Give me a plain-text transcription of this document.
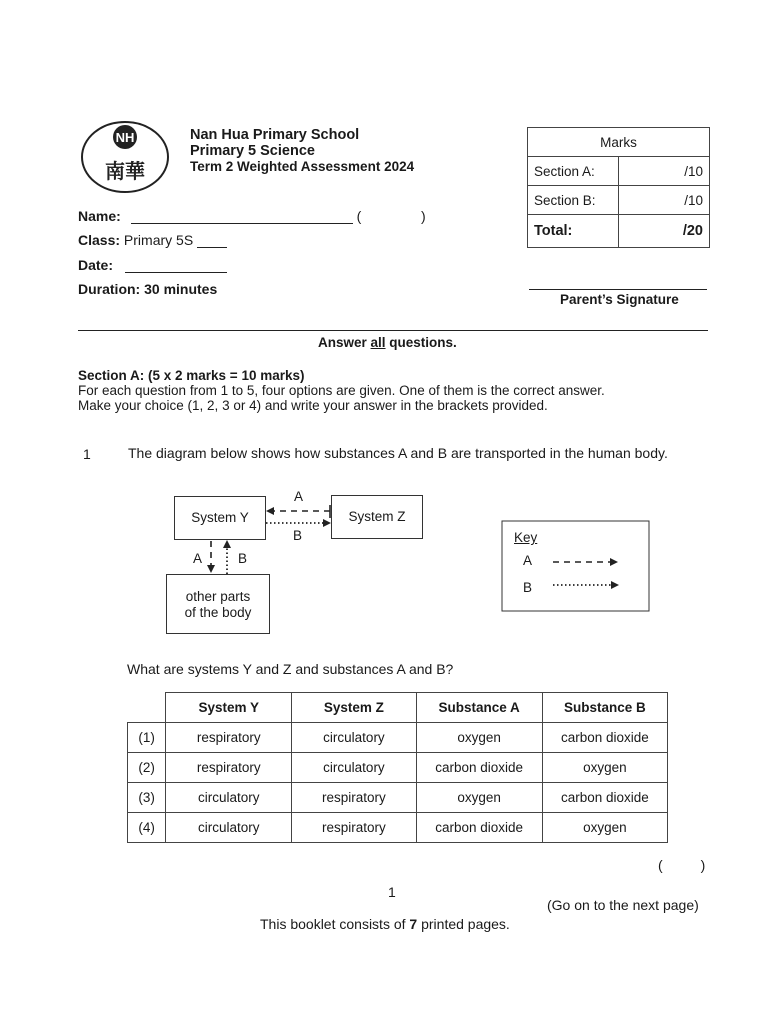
NH
南華
Nan Hua Primary School
Primary 5 Science
Term 2 Weighted Assessment 2024
Marks	
Section A:	/10
Section B:	/10
Total:	/20
Name:	(	)
Class: Primary 5S
Date:
Duration: 30 minutes
Parent’s Signature
Answer all questions.
Section A: (5 x 2 marks = 10 marks)
For each question from 1 to 5, four options are given. One of them is the correct answer.
Make your choice (1, 2, 3 or 4) and write your answer in the brackets provided.
1	The diagram below shows how substances A and B are transported in the human body.
System Y	System Z
other parts
of the body
A
B
A	B
Key
A
B
What are systems Y and Z and substances A and B?
	System Y	System Z	Substance A	Substance B
(1)	respiratory	circulatory	oxygen	carbon dioxide
(2)	respiratory	circulatory	carbon dioxide	oxygen
(3)	circulatory	respiratory	oxygen	carbon dioxide
(4)	circulatory	respiratory	carbon dioxide	oxygen
(	)
1
(Go on to the next page)
This booklet consists of 7 printed pages.
